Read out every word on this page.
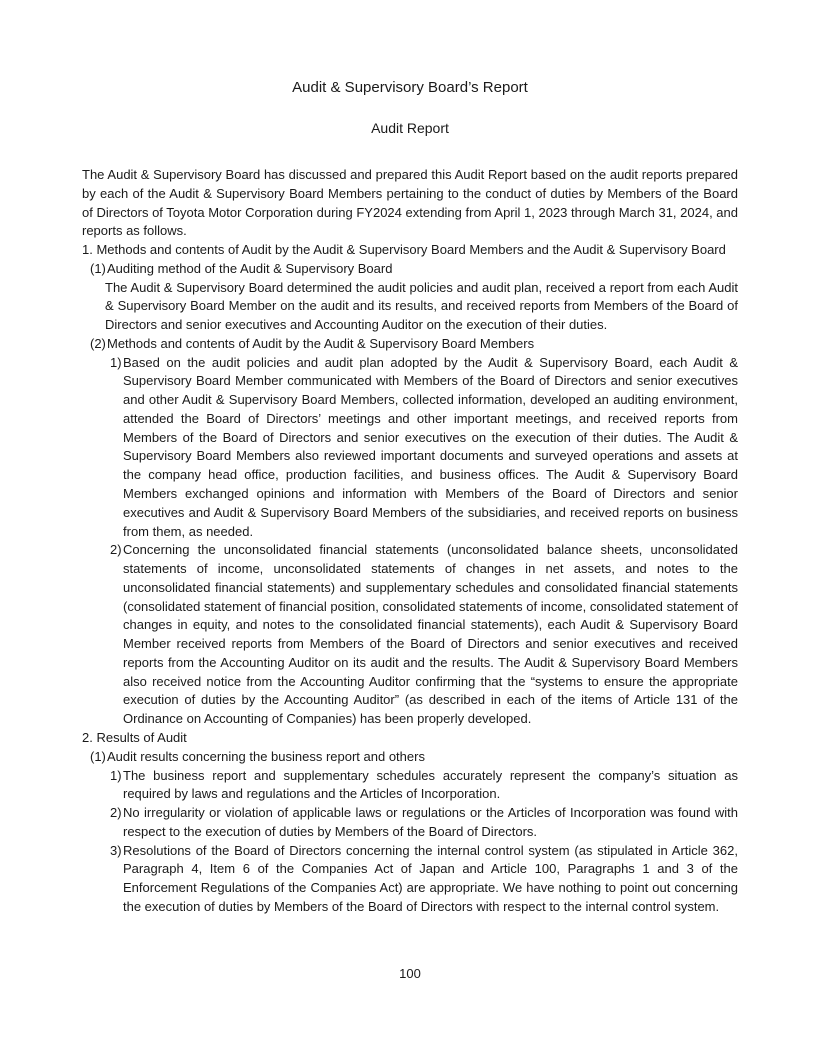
Audit & Supervisory Board’s Report

Audit Report

The Audit & Supervisory Board has discussed and prepared this Audit Report based on the audit reports prepared by each of the Audit & Supervisory Board Members pertaining to the conduct of duties by Members of the Board of Directors of Toyota Motor Corporation during FY2024 extending from April 1, 2023 through March 31, 2024, and reports as follows.

1. Methods and contents of Audit by the Audit & Supervisory Board Members and the Audit & Supervisory Board

(1)Auditing method of the Audit & Supervisory Board

The Audit & Supervisory Board determined the audit policies and audit plan, received a report from each Audit & Supervisory Board Member on the audit and its results, and received reports from Members of the Board of Directors and senior executives and Accounting Auditor on the execution of their duties.

(2)Methods and contents of Audit by the Audit & Supervisory Board Members

1)Based on the audit policies and audit plan adopted by the Audit & Supervisory Board, each Audit & Supervisory Board Member communicated with Members of the Board of Directors and senior executives and other Audit & Supervisory Board Members, collected information, developed an auditing environment, attended the Board of Directors’ meetings and other important meetings, and received reports from Members of the Board of Directors and senior executives on the execution of their duties. The Audit & Supervisory Board Members also reviewed important documents and surveyed operations and assets at the company head office, production facilities, and business offices. The Audit & Supervisory Board Members exchanged opinions and information with Members of the Board of Directors and senior executives and Audit & Supervisory Board Members of the subsidiaries, and received reports on business from them, as needed.

2)Concerning the unconsolidated financial statements (unconsolidated balance sheets, unconsolidated statements of income, unconsolidated statements of changes in net assets, and notes to the unconsolidated financial statements) and supplementary schedules and consolidated financial statements (consolidated statement of financial position, consolidated statements of income, consolidated statement of changes in equity, and notes to the consolidated financial statements), each Audit & Supervisory Board Member received reports from Members of the Board of Directors and senior executives and received reports from the Accounting Auditor on its audit and the results. The Audit & Supervisory Board Members also received notice from the Accounting Auditor confirming that the “systems to ensure the appropriate execution of duties by the Accounting Auditor” (as described in each of the items of Article 131 of the Ordinance on Accounting of Companies) has been properly developed.

2. Results of Audit

(1)Audit results concerning the business report and others

1)The business report and supplementary schedules accurately represent the company’s situation as required by laws and regulations and the Articles of Incorporation.

2)No irregularity or violation of applicable laws or regulations or the Articles of Incorporation was found with respect to the execution of duties by Members of the Board of Directors.

3)Resolutions of the Board of Directors concerning the internal control system (as stipulated in Article 362, Paragraph 4, Item 6 of the Companies Act of Japan and Article 100, Paragraphs 1 and 3 of the Enforcement Regulations of the Companies Act) are appropriate. We have nothing to point out concerning the execution of duties by Members of the Board of Directors with respect to the internal control system.

100
